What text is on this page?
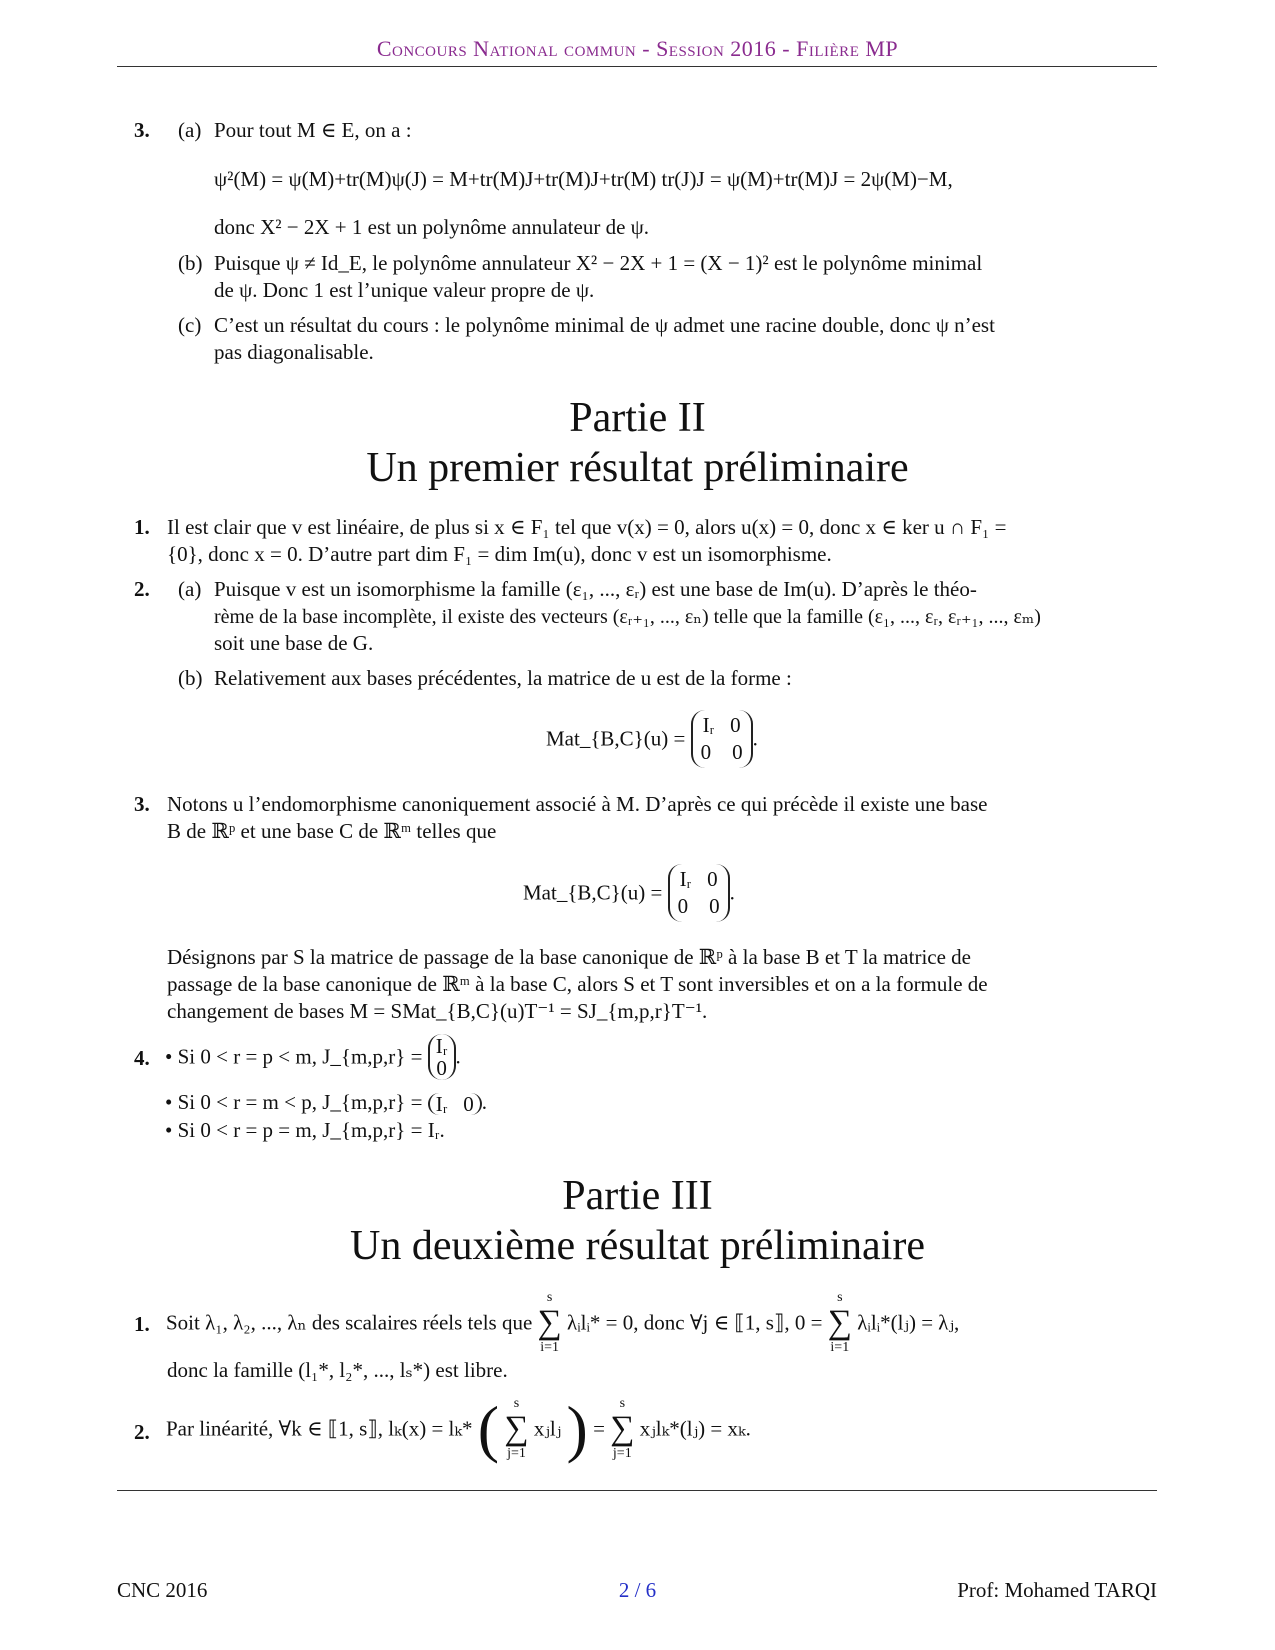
Concours National commun - Session 2016 - Filière MP
3. (a) Pour tout M ∈ E, on a :
ψ²(M) = ψ(M)+tr(M)ψ(J) = M+tr(M)J+tr(M)J+tr(M) tr(J)J = ψ(M)+tr(M)J = 2ψ(M)−M,
donc X² − 2X + 1 est un polynôme annulateur de ψ.
(b) Puisque ψ ≠ Id_E, le polynôme annulateur X² − 2X + 1 = (X − 1)² est le polynôme minimal
de ψ. Donc 1 est l’unique valeur propre de ψ.
(c) C’est un résultat du cours : le polynôme minimal de ψ admet une racine double, donc ψ n’est
pas diagonalisable.
Partie II
Un premier résultat préliminaire
1. Il est clair que v est linéaire, de plus si x ∈ F₁ tel que v(x) = 0, alors u(x) = 0, donc x ∈ ker u ∩ F₁ =
{0}, donc x = 0. D’autre part dim F₁ = dim Im(u), donc v est un isomorphisme.
2. (a) Puisque v est un isomorphisme la famille (ε₁, ..., εᵣ) est une base de Im(u). D’après le théo-
rème de la base incomplète, il existe des vecteurs (εᵣ₊₁, ..., εₙ) telle que la famille (ε₁, ..., εᵣ, εᵣ₊₁, ..., εₘ)
soit une base de G.
(b) Relativement aux bases précédentes, la matrice de u est de la forme :
Mat_{B,C}(u) = Iᵣ 0
0 0.
3. Notons u l’endomorphisme canoniquement associé à M. D’après ce qui précède il existe une base
B de ℝᵖ et une base C de ℝᵐ telles que
Mat_{B,C}(u) = Iᵣ 0
0 0.
Désignons par S la matrice de passage de la base canonique de ℝᵖ à la base B et T la matrice de
passage de la base canonique de ℝᵐ à la base C, alors S et T sont inversibles et on a la formule de
changement de bases M = SMat_{B,C}(u)T⁻¹ = SJ_{m,p,r}T⁻¹.
4. • Si 0 < r = p < m, J_{m,p,r} = Iᵣ
0 .
• Si 0 < r = m < p, J_{m,p,r} = Iᵣ 0 .
• Si 0 < r = p = m, J_{m,p,r} = Iᵣ.
Partie III
Un deuxième résultat préliminaire
1. Soit λ₁, λ₂, ..., λₙ des scalaires réels tels que s
∑
i=1 λᵢlᵢ* = 0, donc ∀j ∈ ⟦1, s⟧, 0 = s
∑
i=1 λᵢlᵢ*(lⱼ) = λⱼ,
donc la famille (l₁*, l₂*, ..., lₛ*) est libre.
2. Par linéarité, ∀k ∈ ⟦1, s⟧, lₖ(x) = lₖ* ( s
∑
j=1 xⱼlⱼ ) = s
∑
j=1 xⱼlₖ*(lⱼ) = xₖ.
CNC 2016	2 / 6	Prof: Mohamed TARQI
